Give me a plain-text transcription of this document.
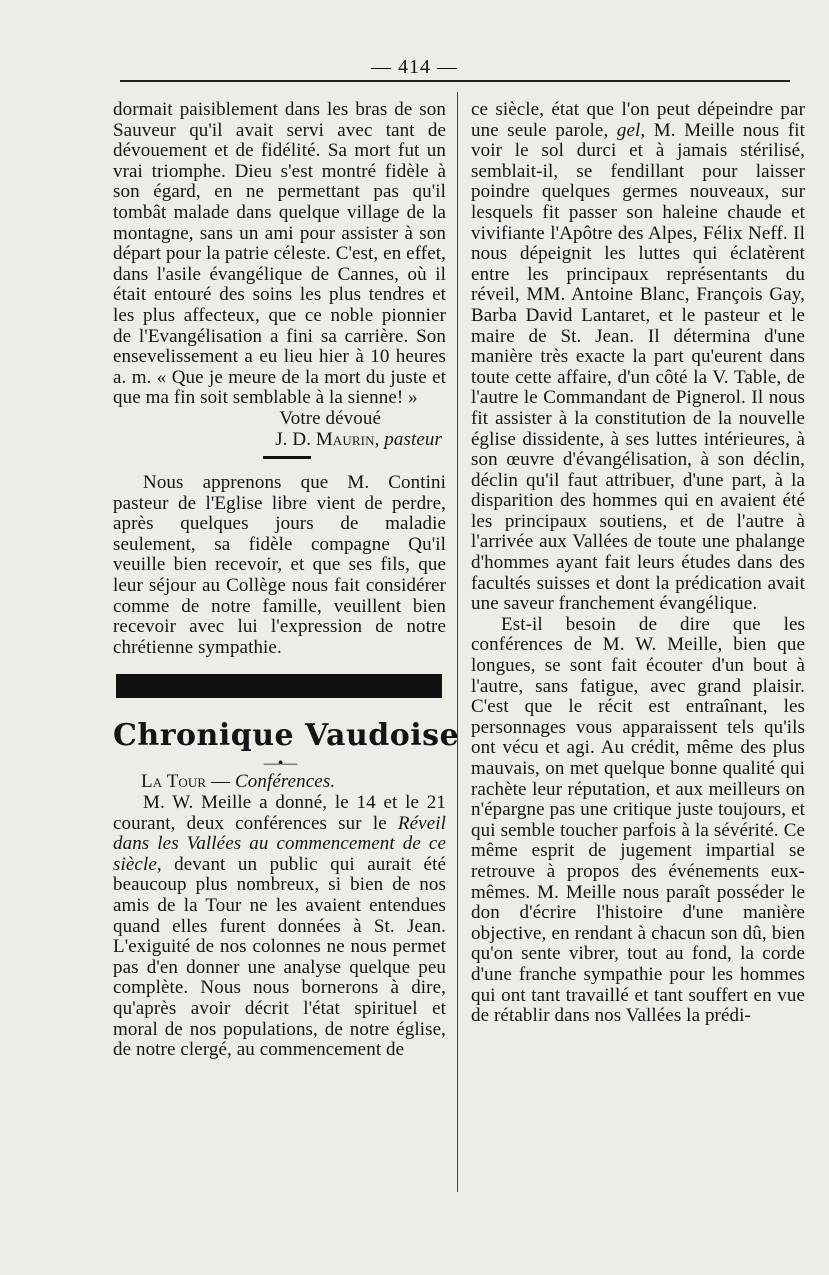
— 414 —

dormait paisiblement dans les bras de son Sauveur qu'il avait servi avec tant de dévouement et de fidélité. Sa mort fut un vrai triomphe. Dieu s'est montré fidèle à son égard, en ne permettant pas qu'il tombât malade dans quelque village de la montagne, sans un ami pour assister à son départ pour la patrie céleste. C'est, en effet, dans l'asile évangélique de Cannes, où il était entouré des soins les plus tendres et les plus affecteux, que ce noble pionnier de l'Evangélisation a fini sa carrière. Son ensevelissement a eu lieu hier à 10 heures a. m. « Que je meure de la mort du juste et que ma fin soit semblable à la sienne! »

Votre dévoué

J. D. Maurin, pasteur

Nous apprenons que M. Contini pasteur de l'Eglise libre vient de perdre, après quelques jours de maladie seulement, sa fidèle compagne Qu'il veuille bien recevoir, et que ses fils, que leur séjour au Collège nous fait considérer comme de notre famille, veuillent bien recevoir avec lui l'expression de notre chrétienne sympathie.

Chronique Vaudoise

—•—

La Tour — Conférences.

M. W. Meille a donné, le 14 et le 21 courant, deux conférences sur le Réveil dans les Vallées au commencement de ce siècle, devant un public qui aurait été beaucoup plus nombreux, si bien de nos amis de la Tour ne les avaient entendues quand elles furent données à St. Jean. L'exiguité de nos colonnes ne nous permet pas d'en donner une analyse quelque peu complète. Nous nous bornerons à dire, qu'après avoir décrit l'état spirituel et moral de nos populations, de notre église, de notre clergé, au commencement de

ce siècle, état que l'on peut dépeindre par une seule parole, gel, M. Meille nous fit voir le sol durci et à jamais stérilisé, semblait-il, se fendillant pour laisser poindre quelques germes nouveaux, sur lesquels fit passer son haleine chaude et vivifiante l'Apôtre des Alpes, Félix Neff. Il nous dépeignit les luttes qui éclatèrent entre les principaux représentants du réveil, MM. Antoine Blanc, François Gay, Barba David Lantaret, et le pasteur et le maire de St. Jean. Il détermina d'une manière très exacte la part qu'eurent dans toute cette affaire, d'un côté la V. Table, de l'autre le Commandant de Pignerol. Il nous fit assister à la constitution de la nouvelle église dissidente, à ses luttes intérieures, à son œuvre d'évangélisation, à son déclin, déclin qu'il faut attribuer, d'une part, à la disparition des hommes qui en avaient été les principaux soutiens, et de l'autre à l'arrivée aux Vallées de toute une phalange d'hommes ayant fait leurs études dans des facultés suisses et dont la prédication avait une saveur franchement évangélique.

Est-il besoin de dire que les conférences de M. W. Meille, bien que longues, se sont fait écouter d'un bout à l'autre, sans fatigue, avec grand plaisir. C'est que le récit est entraînant, les personnages vous apparaissent tels qu'ils ont vécu et agi. Au crédit, même des plus mauvais, on met quelque bonne qualité qui rachète leur réputation, et aux meilleurs on n'épargne pas une critique juste toujours, et qui semble toucher parfois à la sévérité. Ce même esprit de jugement impartial se retrouve à propos des événements eux-mêmes. M. Meille nous paraît posséder le don d'écrire l'histoire d'une manière objective, en rendant à chacun son dû, bien qu'on sente vibrer, tout au fond, la corde d'une franche sympathie pour les hommes qui ont tant travaillé et tant souffert en vue de rétablir dans nos Vallées la prédi-
